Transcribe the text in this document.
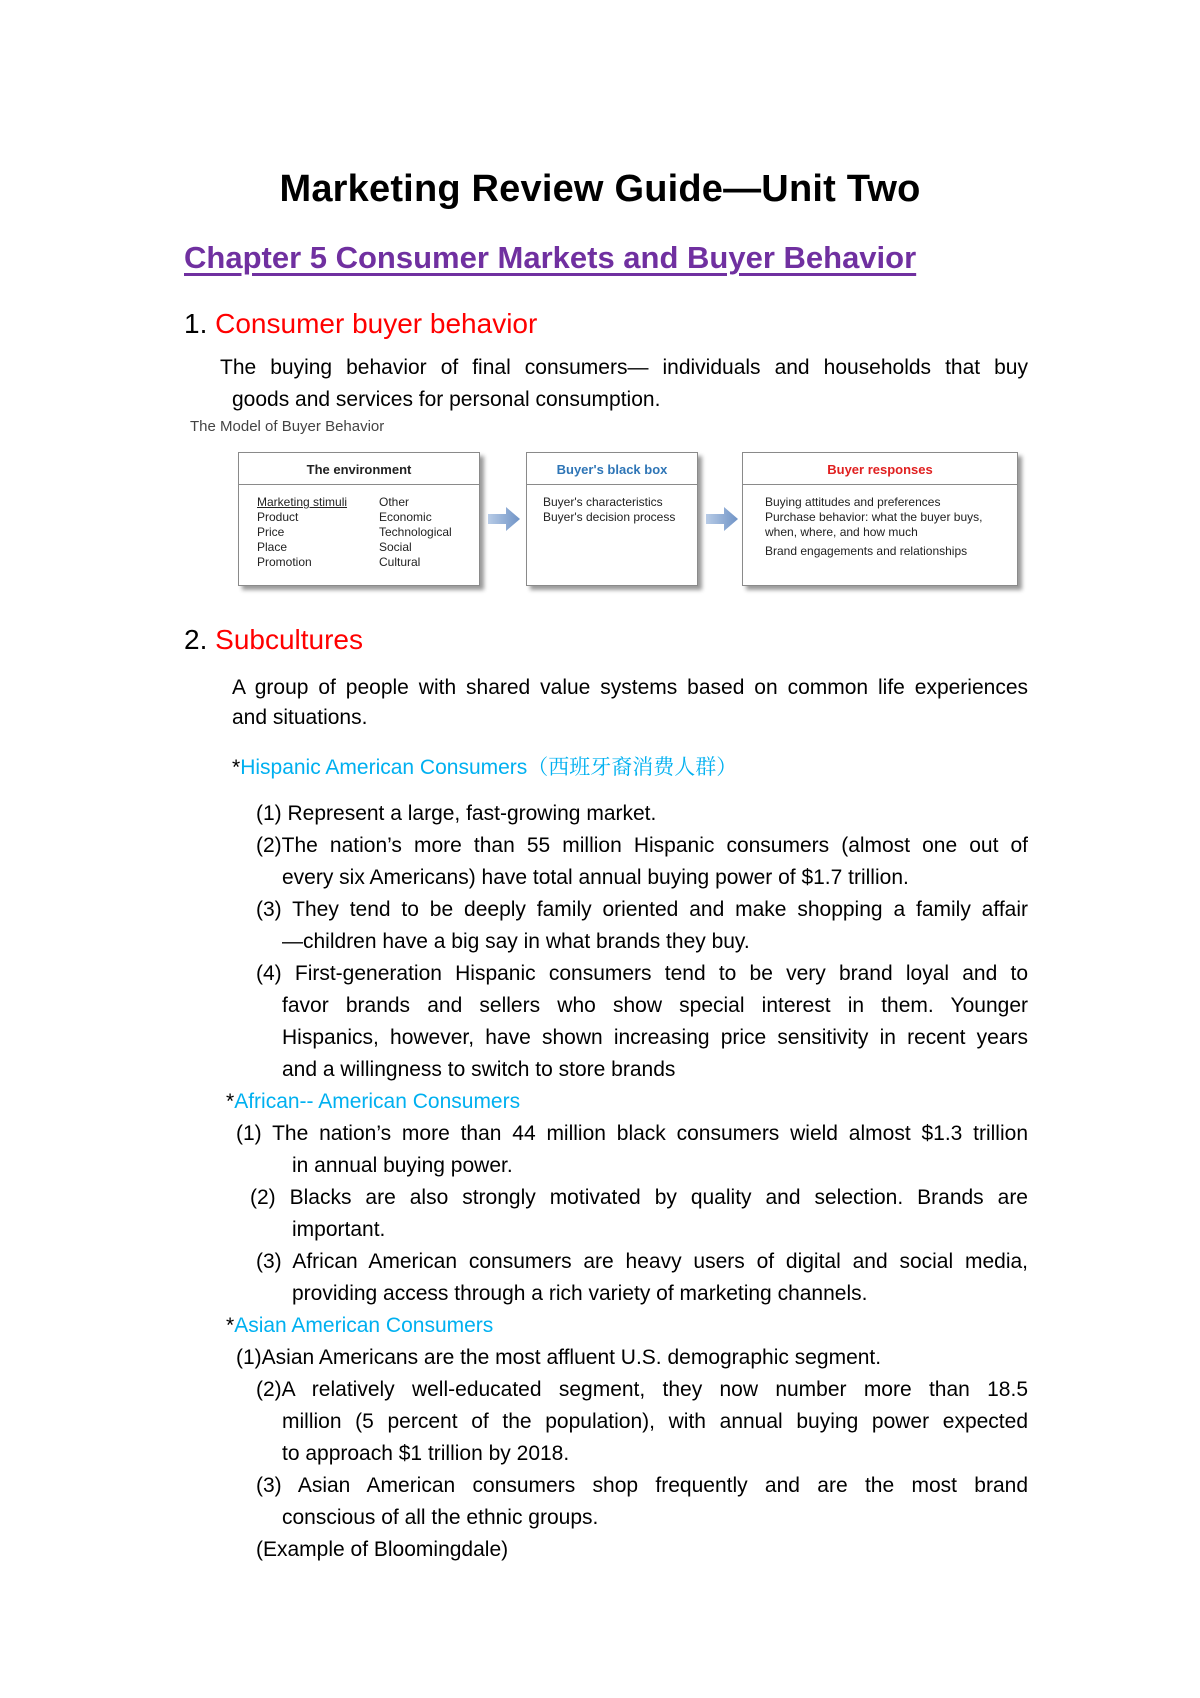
Marketing Review Guide—Unit Two
Chapter 5 Consumer Markets and Buyer Behavior
1. Consumer buyer behavior
The buying behavior of final consumers— individuals and households that buy
goods and services for personal consumption.
The Model of Buyer Behavior
The environment
Marketing stimuli
Product
Price
Place
Promotion
Other
Economic
Technological
Social
Cultural
Buyer's black box
Buyer's characteristics
Buyer's decision process
Buyer responses
Buying attitudes and preferences
Purchase behavior: what the buyer buys,
when, where, and how much
Brand engagements and relationships
2. Subcultures
A group of people with shared value systems based on common life experiences
and situations.
*Hispanic American Consumers（西班牙裔消费人群）
(1) Represent a large, fast-growing market.
(2)The nation’s more than 55 million Hispanic consumers (almost one out of
every six Americans) have total annual buying power of $1.7 trillion.
(3) They tend to be deeply family oriented and make shopping a family affair
—children have a big say in what brands they buy.
(4) First-generation Hispanic consumers tend to be very brand loyal and to
favor brands and sellers who show special interest in them. Younger
Hispanics, however, have shown increasing price sensitivity in recent years
and a willingness to switch to store brands
*African-- American Consumers
(1) The nation’s more than 44 million black consumers wield almost $1.3 trillion
in annual buying power.
(2) Blacks are also strongly motivated by quality and selection. Brands are
important.
(3) African American consumers are heavy users of digital and social media,
providing access through a rich variety of marketing channels.
*Asian American Consumers
(1)Asian Americans are the most affluent U.S. demographic segment.
(2)A relatively well-educated segment, they now number more than 18.5
million (5 percent of the population), with annual buying power expected
to approach $1 trillion by 2018.
(3) Asian American consumers shop frequently and are the most brand
conscious of all the ethnic groups.
(Example of Bloomingdale)
